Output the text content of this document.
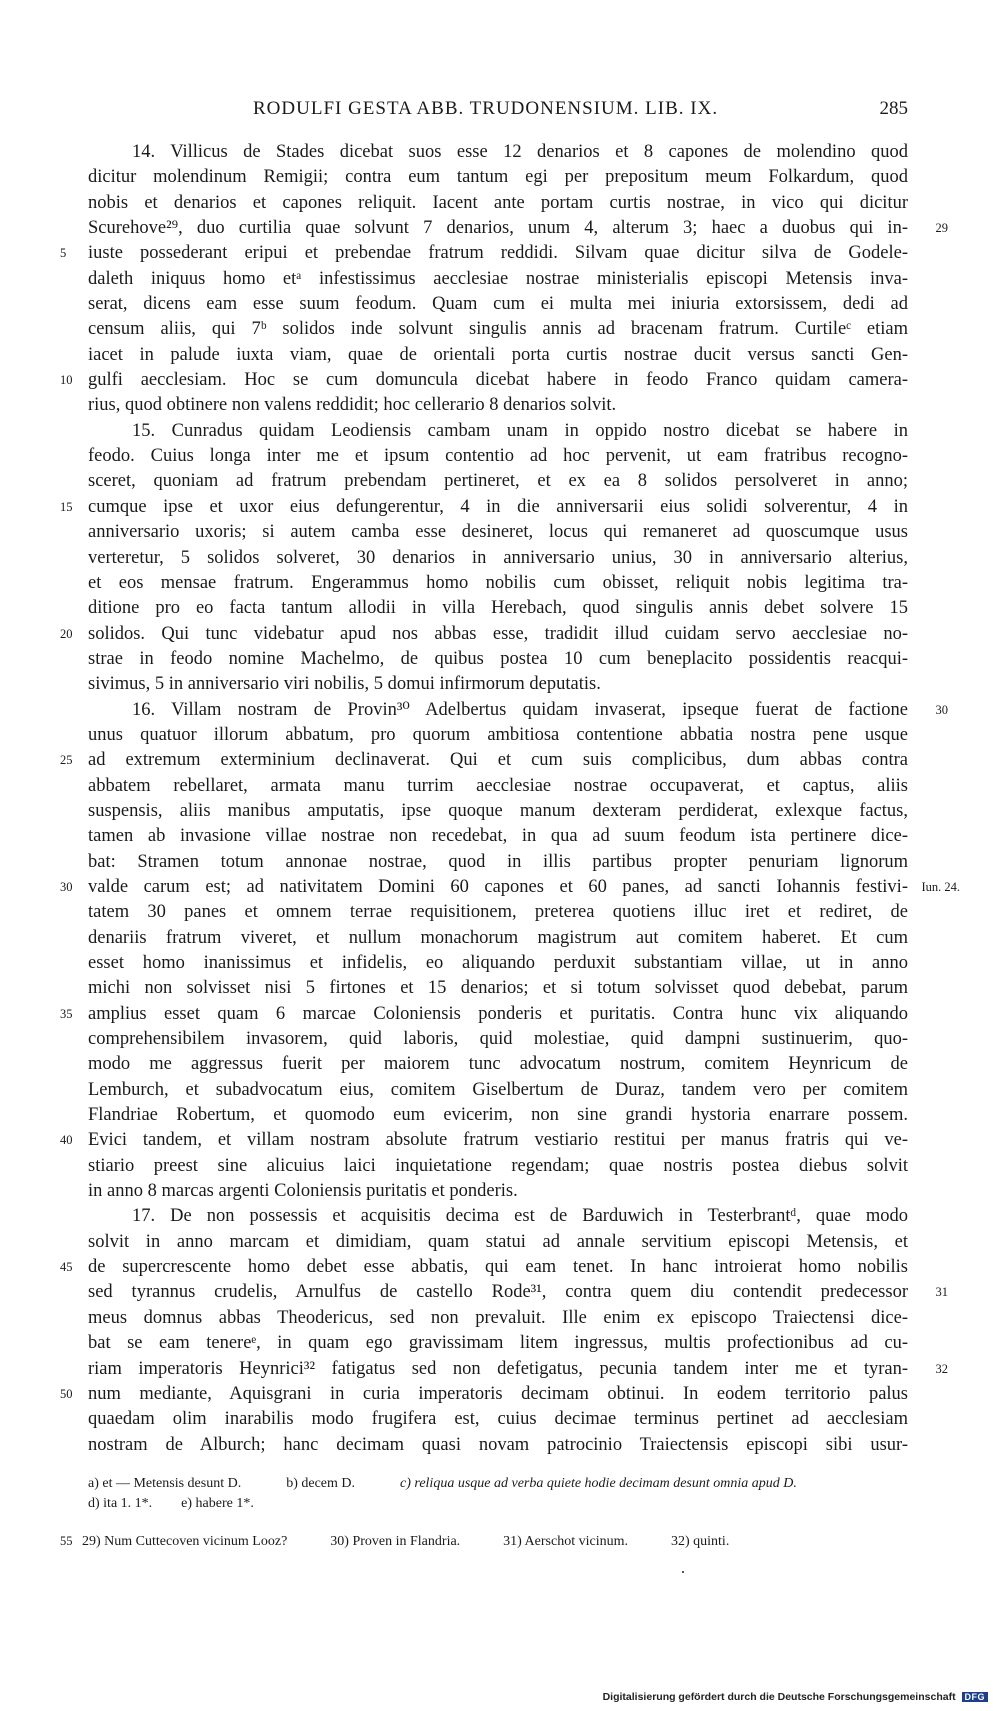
RODULFI GESTA ABB. TRUDONENSIUM. LIB. IX.	285
14. Villicus de Stades dicebat suos esse 12 denarios et 8 capones de molendino quod
dicitur molendinum Remigii; contra eum tantum egi per prepositum meum Folkardum, quod
nobis et denarios et capones reliquit. Iacent ante portam curtis nostrae, in vico qui dicitur
Scurehove²⁹, duo curtilia quae solvunt 7 denarios, unum 4, alterum 3; haec a duobus qui in- 29
5	iuste possederant eripui et prebendae fratrum reddidi. Silvam quae dicitur silva de Godele-
daleth iniquus homo etᵃ infestissimus aecclesiae nostrae ministerialis episcopi Metensis inva-
serat, dicens eam esse suum feodum. Quam cum ei multa mei iniuria extorsissem, dedi ad
censum aliis, qui 7ᵇ solidos inde solvunt singulis annis ad bracenam fratrum. Curtileᶜ etiam
iacet in palude iuxta viam, quae de orientali porta curtis nostrae ducit versus sancti Gen-
10 gulfi aecclesiam. Hoc se cum domuncula dicebat habere in feodo Franco quidam camera-
rius, quod obtinere non valens reddidit; hoc cellerario 8 denarios solvit.
15. Cunradus quidam Leodiensis cambam unam in oppido nostro dicebat se habere in
feodo. Cuius longa inter me et ipsum contentio ad hoc pervenit, ut eam fratribus recogno-
sceret, quoniam ad fratrum prebendam pertineret, et ex ea 8 solidos persolveret in anno;
15 cumque ipse et uxor eius defungerentur, 4 in die anniversarii eius solidi solverentur, 4 in
anniversario uxoris; si autem camba esse desineret, locus qui remaneret ad quoscumque usus
verteretur, 5 solidos solveret, 30 denarios in anniversario unius, 30 in anniversario alterius,
et eos mensae fratrum. Engerammus homo nobilis cum obisset, reliquit nobis legitima tra-
ditione pro eo facta tantum allodii in villa Herebach, quod singulis annis debet solvere 15
20 solidos. Qui tunc videbatur apud nos abbas esse, tradidit illud cuidam servo aecclesiae no-
strae in feodo nomine Machelmo, de quibus postea 10 cum beneplacito possidentis reacqui-
sivimus, 5 in anniversario viri nobilis, 5 domui infirmorum deputatis.
16. Villam nostram de Provin³⁰ Adelbertus quidam invaserat, ipseque fuerat de factione 30
unus quatuor illorum abbatum, pro quorum ambitiosa contentione abbatia nostra pene usque
25 ad extremum exterminium declinaverat. Qui et cum suis complicibus, dum abbas contra
abbatem rebellaret, armata manu turrim aecclesiae nostrae occupaverat, et captus, aliis
suspensis, aliis manibus amputatis, ipse quoque manum dexteram perdiderat, exlexque factus,
tamen ab invasione villae nostrae non recedebat, in qua ad suum feodum ista pertinere dice-
bat: Stramen totum annonae nostrae, quod in illis partibus propter penuriam lignorum
30 valde carum est; ad nativitatem Domini 60 capones et 60 panes, ad sancti Iohannis festivi- Iun. 24.
tatem 30 panes et omnem terrae requisitionem, preterea quotiens illuc iret et rediret, de
denariis fratrum viveret, et nullum monachorum magistrum aut comitem haberet. Et cum
esset homo inanissimus et infidelis, eo aliquando perduxit substantiam villae, ut in anno
michi non solvisset nisi 5 firtones et 15 denarios; et si totum solvisset quod debebat, parum
35 amplius esset quam 6 marcae Coloniensis ponderis et puritatis. Contra hunc vix aliquando
comprehensibilem invasorem, quid laboris, quid molestiae, quid dampni sustinuerim, quo-
modo me aggressus fuerit per maiorem tunc advocatum nostrum, comitem Heynricum de
Lemburch, et subadvocatum eius, comitem Giselbertum de Duraz, tandem vero per comitem
Flandriae Robertum, et quomodo eum evicerim, non sine grandi hystoria enarrare possem.
40 Evici tandem, et villam nostram absolute fratrum vestiario restitui per manus fratris qui ve-
stiario preest sine alicuius laici inquietatione regendam; quae nostris postea diebus solvit
in anno 8 marcas argenti Coloniensis puritatis et ponderis.
17. De non possessis et acquisitis decima est de Barduwich in Testerbrantᵈ, quae modo
solvit in anno marcam et dimidiam, quam statui ad annale servitium episcopi Metensis, et
45 de supercrescente homo debet esse abbatis, qui eam tenet. In hanc introierat homo nobilis
sed tyrannus crudelis, Arnulfus de castello Rode³¹, contra quem diu contendit predecessor 31
meus domnus abbas Theodericus, sed non prevaluit. Ille enim ex episcopo Traiectensi dice-
bat se eam tenereᵉ, in quam ego gravissimam litem ingressus, multis profectionibus ad cu-
riam imperatoris Heynrici³² fatigatus sed non defetigatus, pecunia tandem inter me et tyran- 32
50 num mediante, Aquisgrani in curia imperatoris decimam obtinui. In eodem territorio palus
quaedam olim inarabilis modo frugifera est, cuius decimae terminus pertinet ad aecclesiam
nostram de Alburch; hanc decimam quasi novam patrocinio Traiectensis episcopi sibi usur-
a) et — Metensis desunt D.	b) decem D.	c) reliqua usque ad verba quiete hodie decimam desunt omnia apud D.
d) ita 1. 1*. e) habere 1*.
55 29) Num Cuttecoven vicinum Looz?	30) Proven in Flandria.	31) Aerschot vicinum.	32) quinti.
Digitalisierung gefördert durch die Deutsche Forschungsgemeinschaft DFG
